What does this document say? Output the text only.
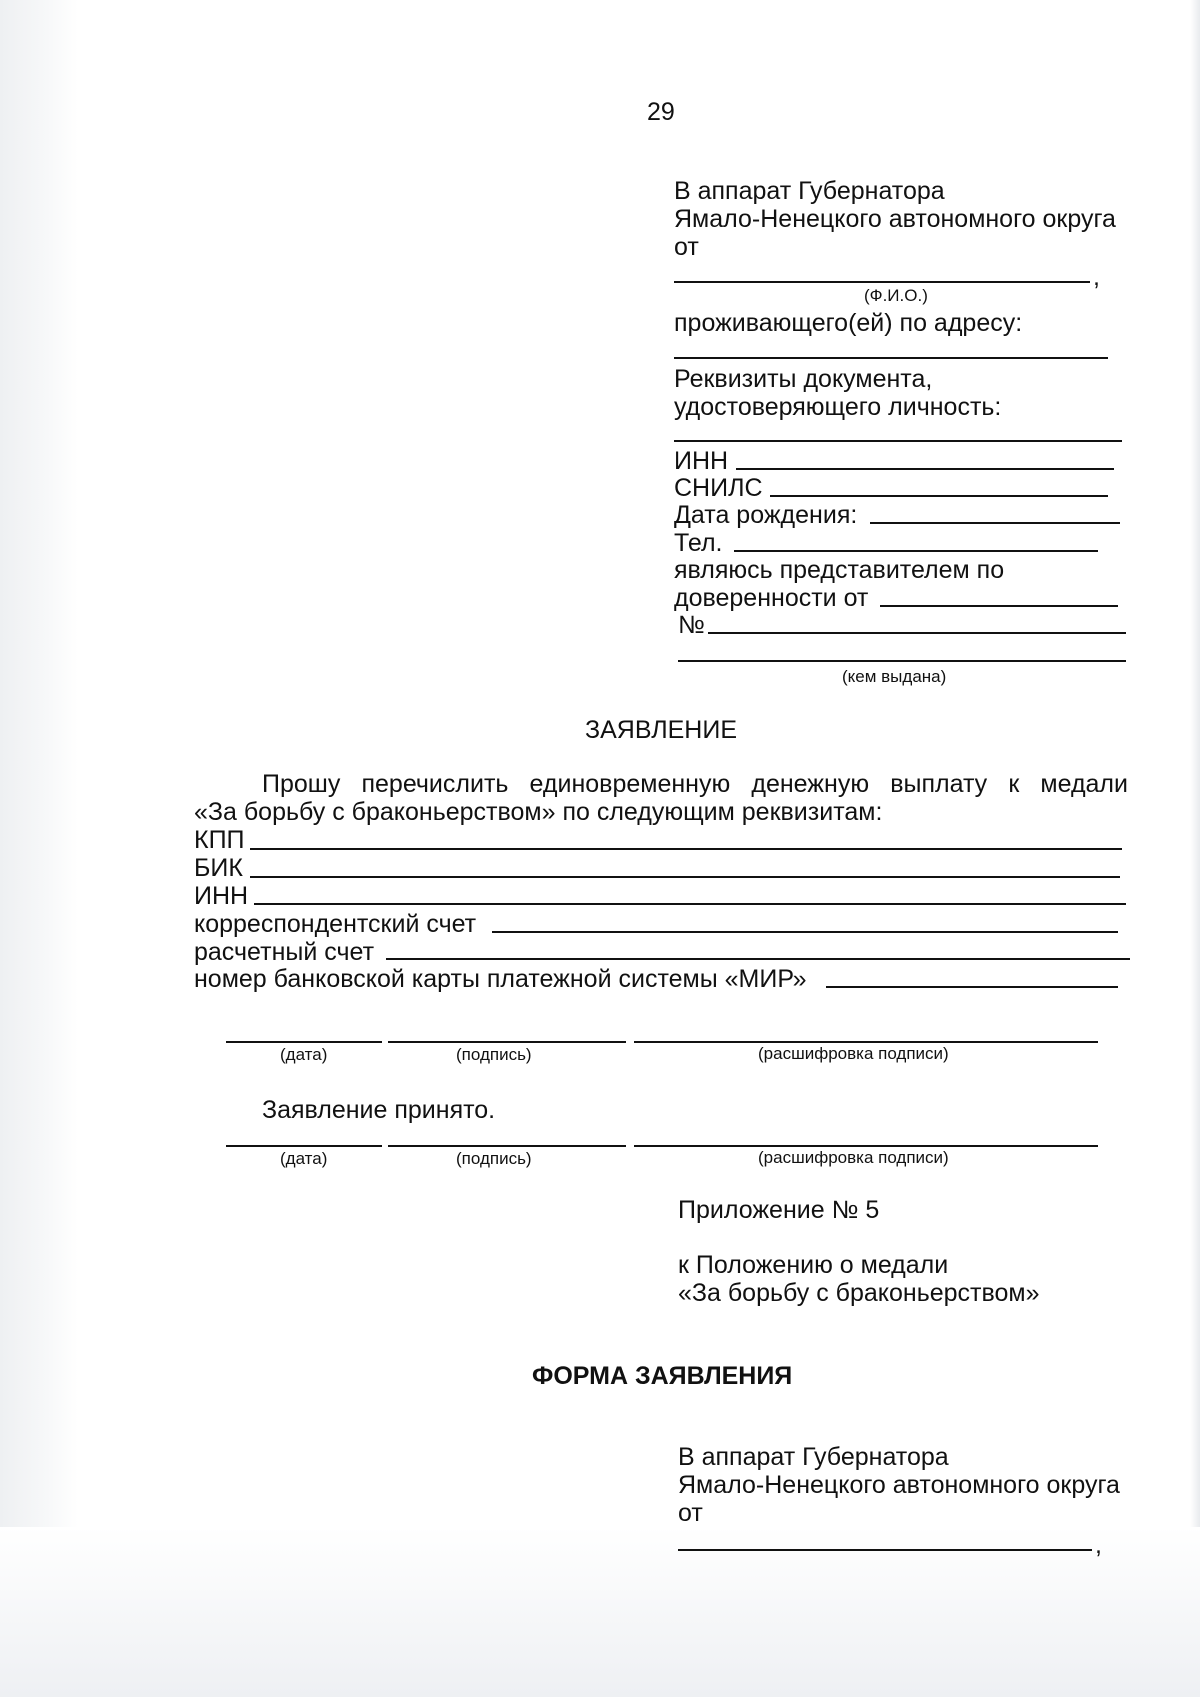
29
В аппарат Губернатора
Ямало-Ненецкого автономного округа
от
,
(Ф.И.О.)
проживающего(ей) по адресу:
Реквизиты документа,
удостоверяющего личность:
ИНН
СНИЛС
Дата рождения:
Тел.
являюсь представителем по
доверенности от
№
(кем выдана)
ЗАЯВЛЕНИЕ
Прошу перечислить единовременную денежную выплату к медали
«За борьбу с браконьерством» по следующим реквизитам:
КПП
БИК
ИНН
корреспондентский счет
расчетный счет
номер банковской карты платежной системы «МИР»
(дата)	(подпись)	(расшифровка подписи)
Заявление принято.
(дата)	(подпись)	(расшифровка подписи)
Приложение № 5
к Положению о медали
«За борьбу с браконьерством»
ФОРМА ЗАЯВЛЕНИЯ
В аппарат Губернатора
Ямало-Ненецкого автономного округа
от
,
